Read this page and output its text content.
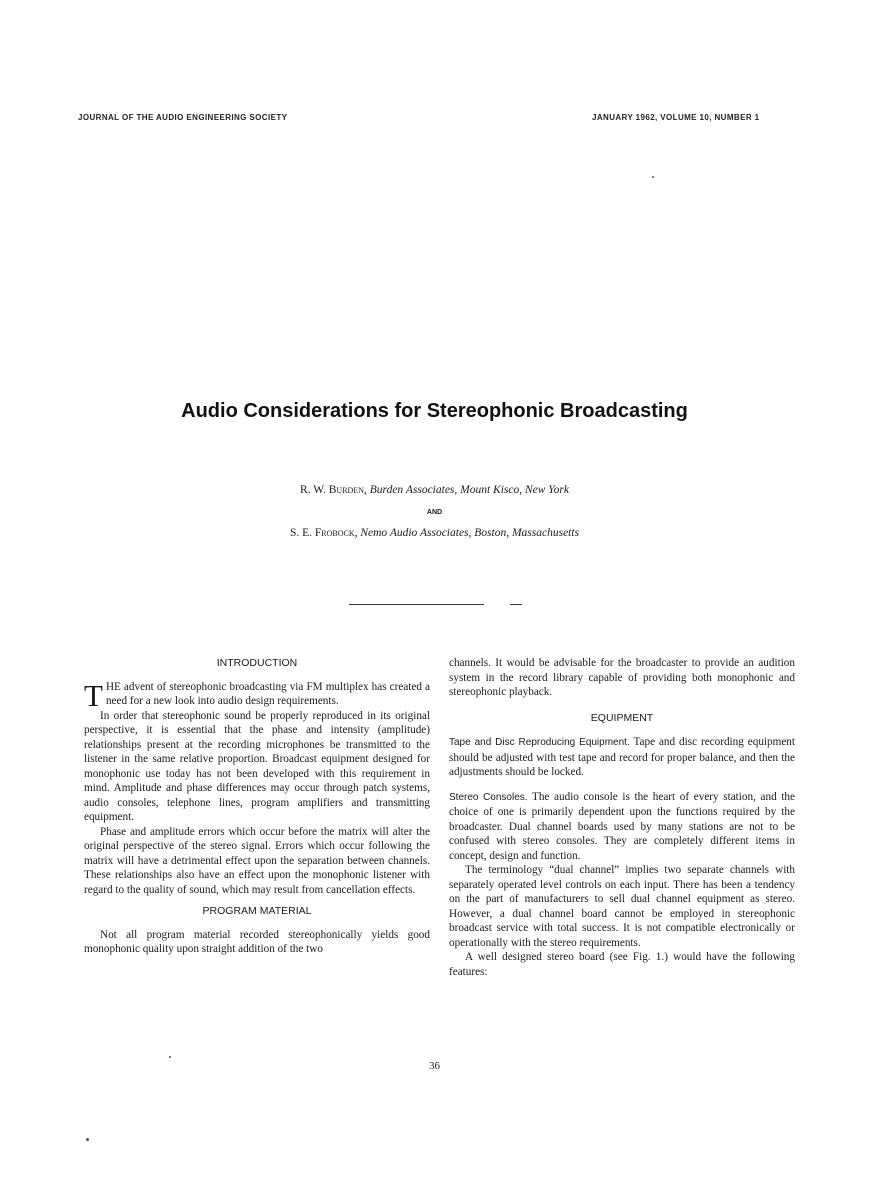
JOURNAL OF THE AUDIO ENGINEERING SOCIETY	JANUARY 1962, VOLUME 10, NUMBER 1
Audio Considerations for Stereophonic Broadcasting
R. W. Burden, Burden Associates, Mount Kisco, New York
AND
S. E. Frobock, Nemo Audio Associates, Boston, Massachusetts

INTRODUCTION

THE advent of stereophonic broadcasting via FM multiplex has created a need for a new look into audio design requirements.

In order that stereophonic sound be properly reproduced in its original perspective, it is essential that the phase and intensity (amplitude) relationships present at the recording microphones be transmitted to the listener in the same relative proportion. Broadcast equipment designed for monophonic use today has not been developed with this requirement in mind. Amplitude and phase differences may occur through patch systems, audio consoles, telephone lines, program amplifiers and transmitting equipment.

Phase and amplitude errors which occur before the matrix will alter the original perspective of the stereo signal. Errors which occur following the matrix will have a detrimental effect upon the separation between channels. These relationships also have an effect upon the monophonic listener with regard to the quality of sound, which may result from cancellation effects.

PROGRAM MATERIAL

Not all program material recorded stereophonically yields good monophonic quality upon straight addition of the two

channels. It would be advisable for the broadcaster to provide an audition system in the record library capable of providing both monophonic and stereophonic playback.

EQUIPMENT

Tape and Disc Reproducing Equipment. Tape and disc recording equipment should be adjusted with test tape and record for proper balance, and then the adjustments should be locked.

Stereo Consoles. The audio console is the heart of every station, and the choice of one is primarily dependent upon the functions required by the broadcaster. Dual channel boards used by many stations are not to be confused with stereo consoles. They are completely different items in concept, design and function.

The terminology “dual channel” implies two separate channels with separately operated level controls on each input. There has been a tendency on the part of manufacturers to sell dual channel equipment as stereo. However, a dual channel board cannot be employed in stereophonic broadcast service with total success. It is not compatible electronically or operationally with the stereo requirements.

A well designed stereo board (see Fig. 1.) would have the following features:

36
